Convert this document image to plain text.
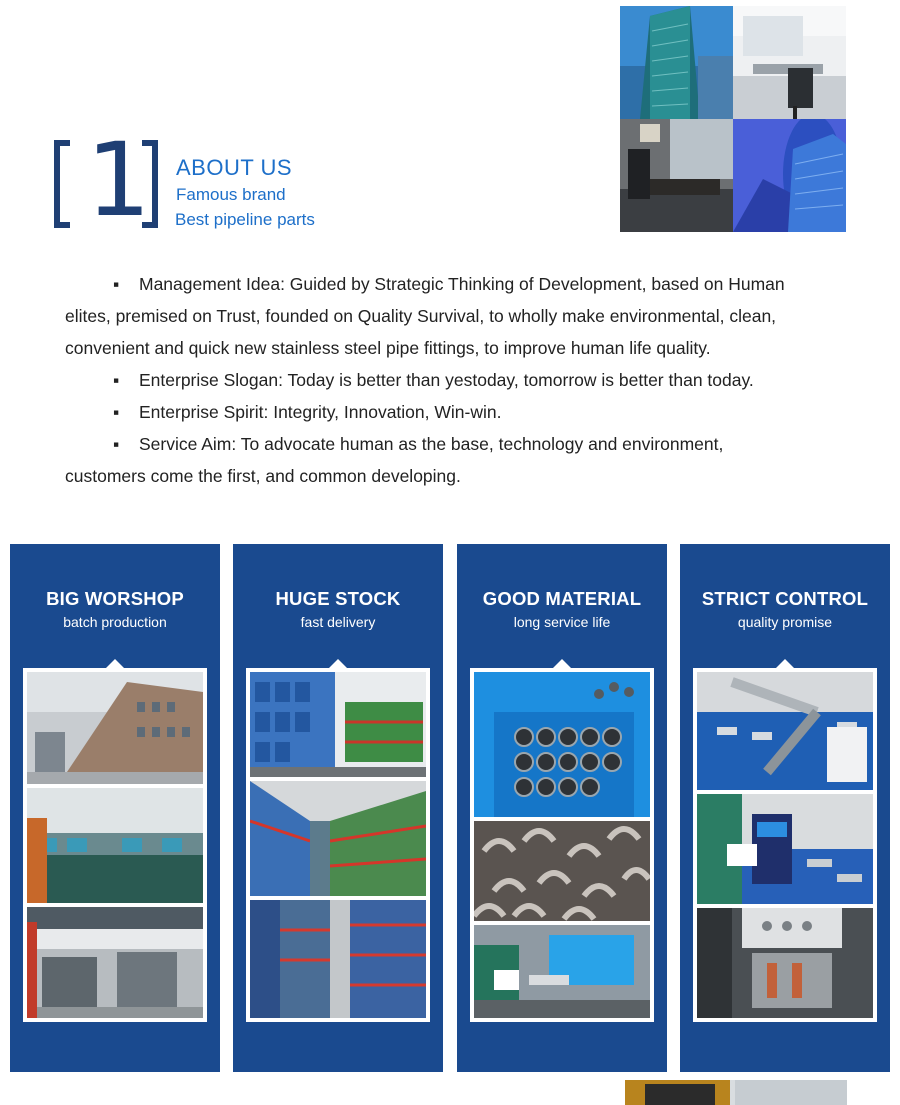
1 ABOUT US
Famous brand
Best pipeline parts
▪ Management Idea: Guided by Strategic Thinking of Development, based on Human
elites, premised on Trust, founded on Quality Survival, to wholly make environmental, clean,
convenient and quick new stainless steel pipe fittings, to improve human life quality.
▪ Enterprise Slogan: Today is better than yestoday, tomorrow is better than today.
▪ Enterprise Spirit: Integrity, Innovation, Win-win.
▪ Service Aim: To advocate human as the base, technology and environment,
customers come the first, and common developing.
BIG WORSHOP
batch production
HUGE STOCK
fast delivery
GOOD MATERIAL
long service life
STRICT CONTROL
quality promise
